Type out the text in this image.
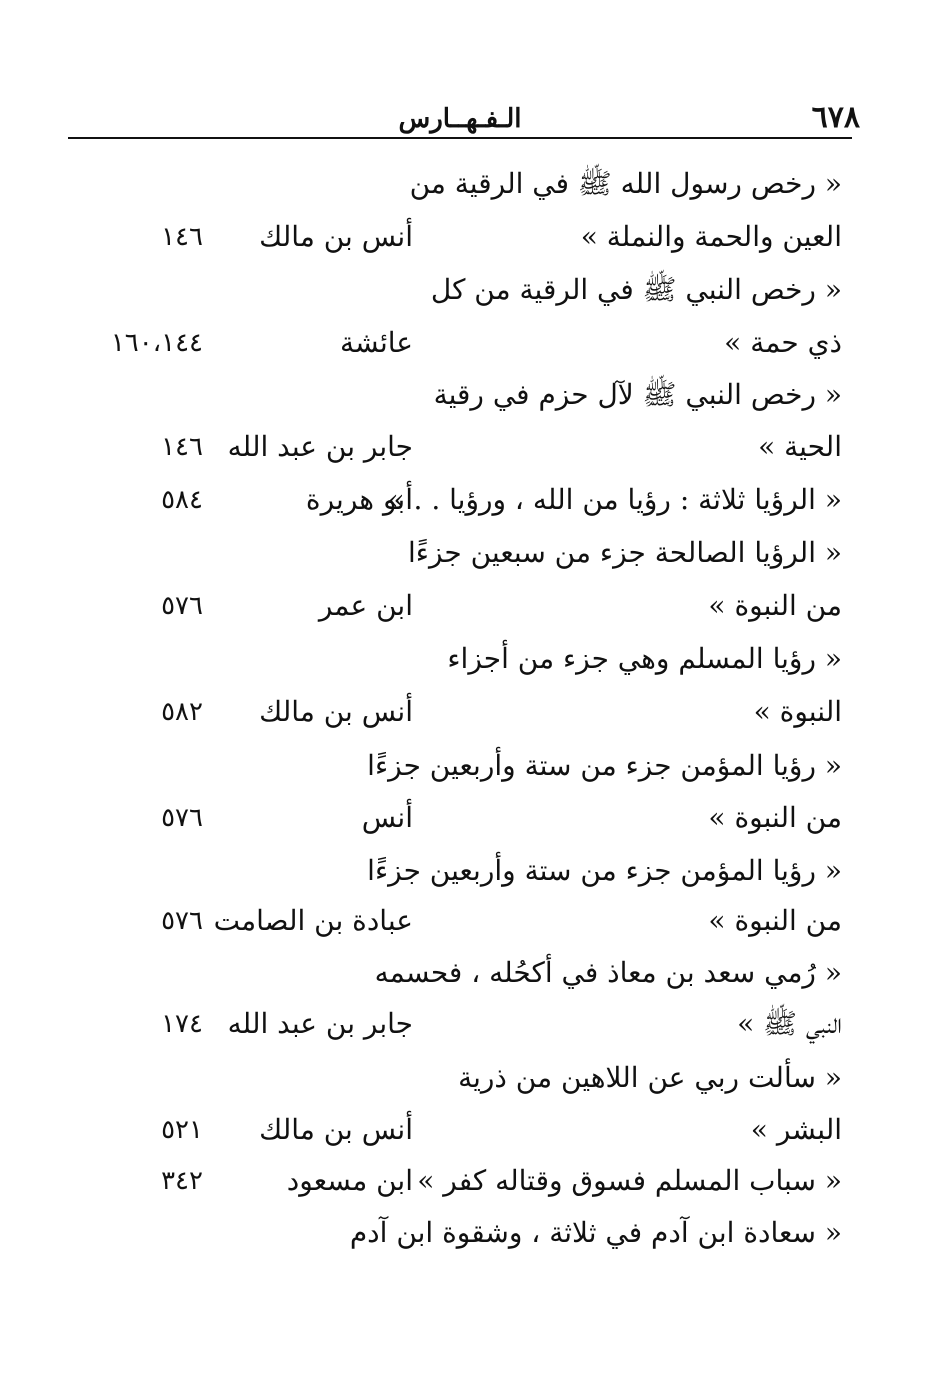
٦٧٨
الـفـهــارس
« رخص رسول الله ﷺ في الرقية من
العين والحمة والنملة »
أنس بن مالك
١٤٦
« رخص النبي ﷺ في الرقية من كل
ذي حمة »
عائشة
١٦٠،١٤٤
« رخص النبي ﷺ لآل حزم في رقية
الحية »
جابر بن عبد الله
١٤٦
« الرؤيا ثلاثة : رؤيا من الله ، ورؤيا . . »
أبو هريرة
٥٨٤
« الرؤيا الصالحة جزء من سبعين جزءًا
من النبوة »
ابن عمر
٥٧٦
« رؤيا المسلم وهي جزء من أجزاء
النبوة »
أنس بن مالك
٥٨٢
« رؤيا المؤمن جزء من ستة وأربعين جزءًا
من النبوة »
أنس
٥٧٦
« رؤيا المؤمن جزء من ستة وأربعين جزءًا
من النبوة »
عبادة بن الصامت
٥٧٦
« رُمي سعد بن معاذ في أكحُله ، فحسمه
النبي ﷺ »
جابر بن عبد الله
١٧٤
« سألت ربي عن اللاهين من ذرية
البشر »
أنس بن مالك
٥٢١
« سباب المسلم فسوق وقتاله كفر »
ابن مسعود
٣٤٢
« سعادة ابن آدم في ثلاثة ، وشقوة ابن آدم
